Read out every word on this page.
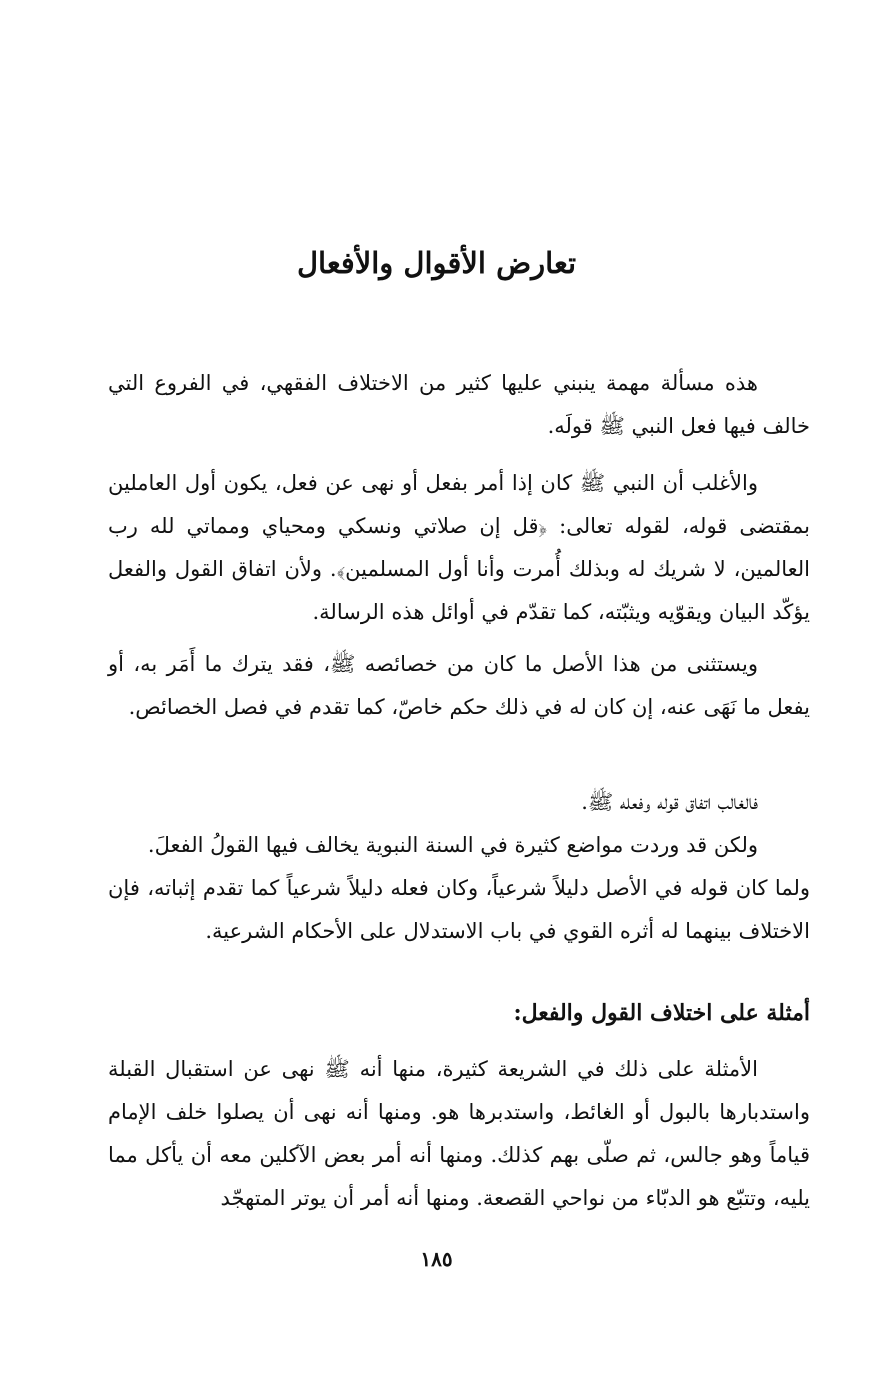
تعارض الأقوال والأفعال

هذه مسألة مهمة ينبني عليها كثير من الاختلاف الفقهي، في الفروع التي خالف فيها فعل النبي ﷺ قولَه.

والأغلب أن النبي ﷺ كان إذا أمر بفعل أو نهى عن فعل، يكون أول العاملين بمقتضى قوله، لقوله تعالى: ﴿قل إن صلاتي ونسكي ومحياي ومماتي لله رب العالمين، لا شريك له وبذلك أُمرت وأنا أول المسلمين﴾. ولأن اتفاق القول والفعل يؤكّد البيان ويقوّيه ويثبّته، كما تقدّم في أوائل هذه الرسالة.

ويستثنى من هذا الأصل ما كان من خصائصه ﷺ، فقد يترك ما أَمَر به، أو يفعل ما نَهَى عنه، إن كان له في ذلك حكم خاصّ، كما تقدم في فصل الخصائص.

فالغالب اتفاق قوله وفعله ﷺ.

ولكن قد وردت مواضع كثيرة في السنة النبوية يخالف فيها القولُ الفعلَ.

ولما كان قوله في الأصل دليلاً شرعياً، وكان فعله دليلاً شرعياً كما تقدم إثباته، فإن الاختلاف بينهما له أثره القوي في باب الاستدلال على الأحكام الشرعية.

أمثلة على اختلاف القول والفعل:

الأمثلة على ذلك في الشريعة كثيرة، منها أنه ﷺ نهى عن استقبال القبلة واستدبارها بالبول أو الغائط، واستدبرها هو. ومنها أنه نهى أن يصلوا خلف الإمام قياماً وهو جالس، ثم صلّى بهم كذلك. ومنها أنه أمر بعض الآكلين معه أن يأكل مما يليه، وتتبّع هو الدبّاء من نواحي القصعة. ومنها أنه أمر أن يوتر المتهجّد

١٨٥
